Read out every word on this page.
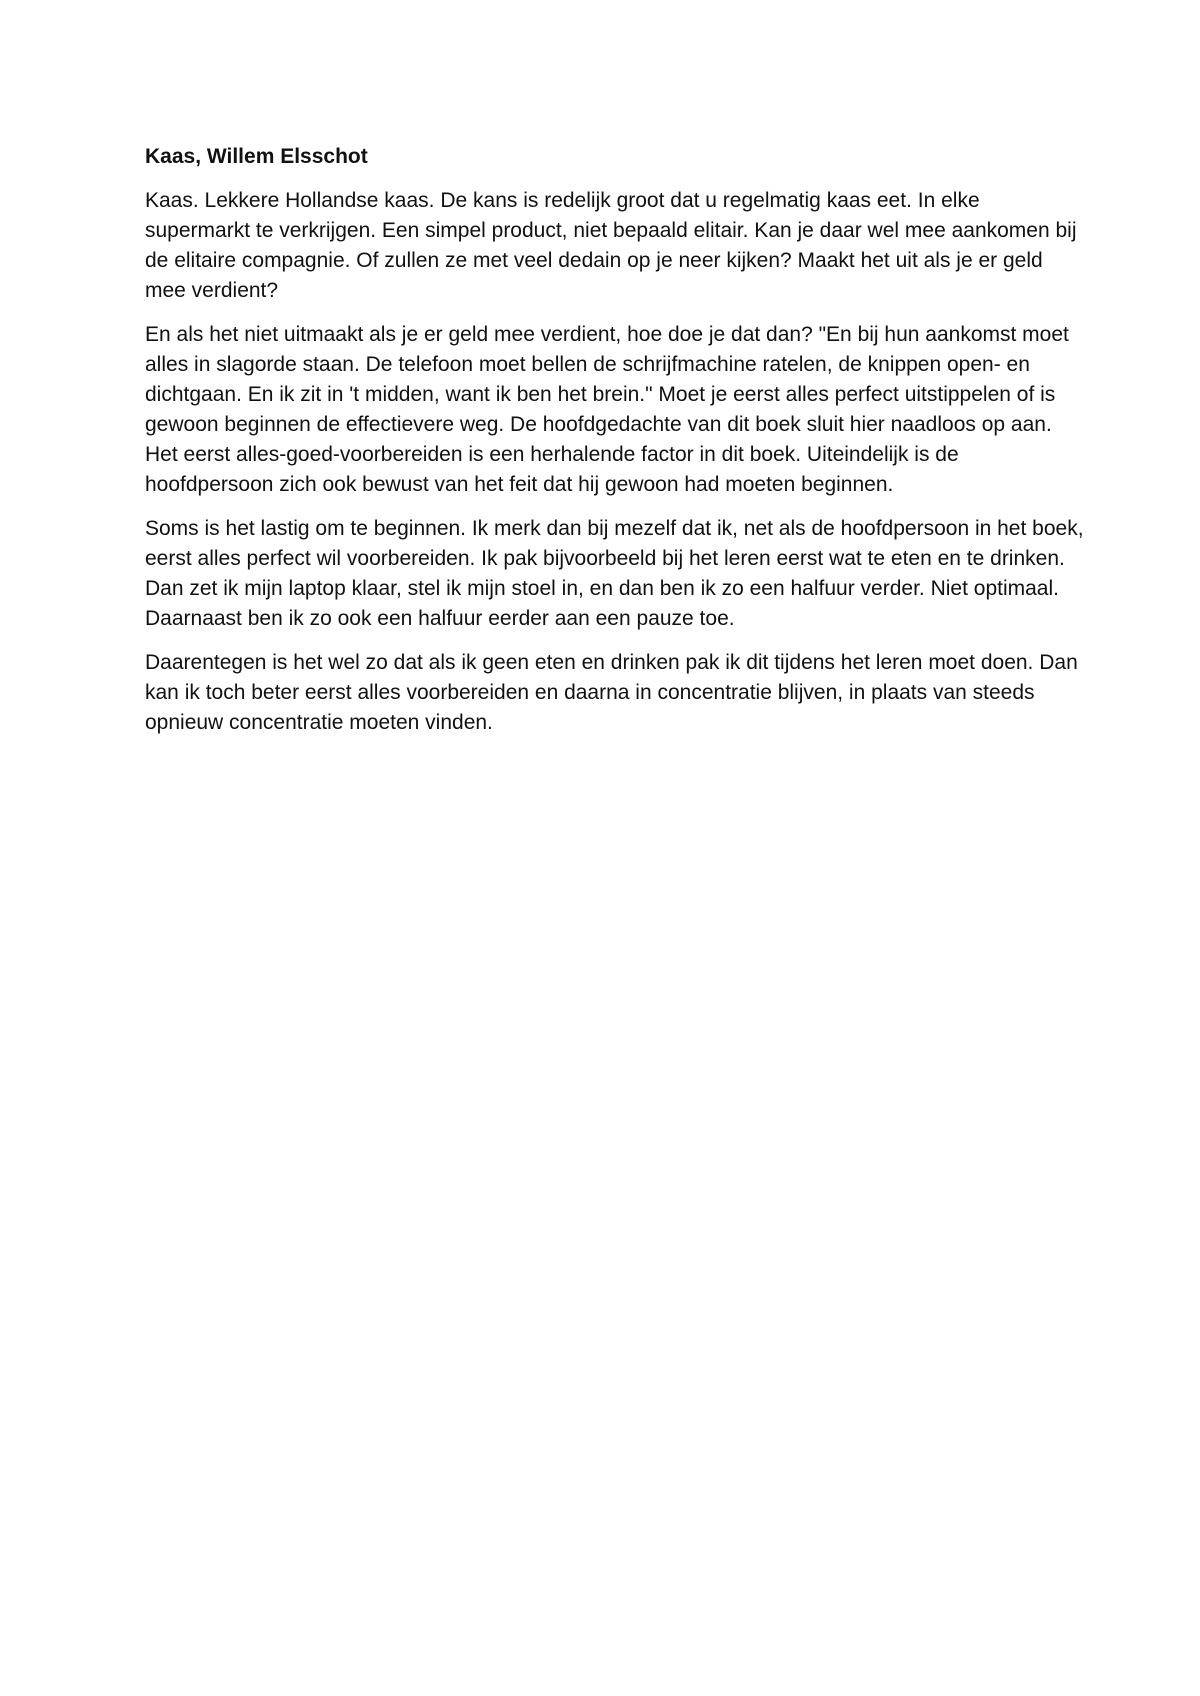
Kaas, Willem Elsschot

Kaas. Lekkere Hollandse kaas. De kans is redelijk groot dat u regelmatig kaas eet. In elke supermarkt te verkrijgen. Een simpel product, niet bepaald elitair. Kan je daar wel mee aankomen bij de elitaire compagnie. Of zullen ze met veel dedain op je neer kijken? Maakt het uit als je er geld mee verdient?

En als het niet uitmaakt als je er geld mee verdient, hoe doe je dat dan? "En bij hun aankomst moet alles in slagorde staan. De telefoon moet bellen de schrijfmachine ratelen, de knippen open- en dichtgaan. En ik zit in 't midden, want ik ben het brein." Moet je eerst alles perfect uitstippelen of is gewoon beginnen de effectievere weg. De hoofdgedachte van dit boek sluit hier naadloos op aan. Het eerst alles-goed-voorbereiden is een herhalende factor in dit boek. Uiteindelijk is de hoofdpersoon zich ook bewust van het feit dat hij gewoon had moeten beginnen.

Soms is het lastig om te beginnen. Ik merk dan bij mezelf dat ik, net als de hoofdpersoon in het boek, eerst alles perfect wil voorbereiden. Ik pak bijvoorbeeld bij het leren eerst wat te eten en te drinken. Dan zet ik mijn laptop klaar, stel ik mijn stoel in, en dan ben ik zo een halfuur verder. Niet optimaal. Daarnaast ben ik zo ook een halfuur eerder aan een pauze toe.

Daarentegen is het wel zo dat als ik geen eten en drinken pak ik dit tijdens het leren moet doen. Dan kan ik toch beter eerst alles voorbereiden en daarna in concentratie blijven, in plaats van steeds opnieuw concentratie moeten vinden.
